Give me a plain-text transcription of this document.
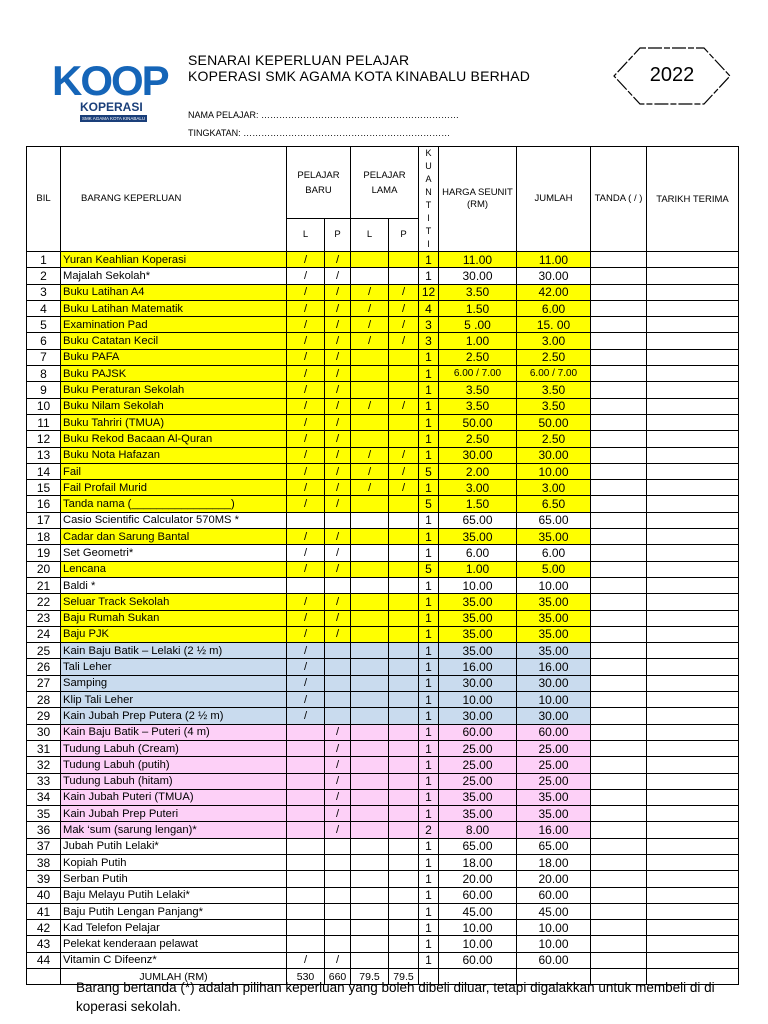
KOOP
KOPERASI
SMK AGAMA KOTA KINABALU
SENARAI KEPERLUAN PELAJAR
KOPERASI SMK AGAMA KOTA KINABALU BERHAD
NAMA PELAJAR: …………………………………………………………
TINGKATAN: ……………………………………………………………
2022
BIL	BARANG KEPERLUAN	PELAJAR BARU		PELAJAR LAMA		K U A N T I T I	HARGA SEUNIT (RM)	JUMLAH	TANDA ( / )	TARIKH TERIMA
		L	P	L	P					
1	Yuran Keahlian Koperasi	/	/			1	11.00	11.00		
2	Majalah Sekolah*	/	/			1	30.00	30.00		
3	Buku Latihan A4	/	/	/	/	12	3.50	42.00		
4	Buku Latihan Matematik	/	/	/	/	4	1.50	6.00		
5	Examination Pad	/	/	/	/	3	5 .00	15. 00		
6	Buku Catatan Kecil	/	/	/	/	3	1.00	3.00		
7	Buku PAFA	/	/			1	2.50	2.50		
8	Buku PAJSK	/	/			1	6.00 / 7.00	6.00 / 7.00		
9	Buku Peraturan Sekolah	/	/			1	3.50	3.50		
10	Buku Nilam Sekolah	/	/	/	/	1	3.50	3.50		
11	Buku Tahriri (TMUA)	/	/			1	50.00	50.00		
12	Buku Rekod Bacaan Al-Quran	/	/			1	2.50	2.50		
13	Buku Nota Hafazan	/	/	/	/	1	30.00	30.00		
14	Fail	/	/	/	/	5	2.00	10.00		
15	Fail Profail Murid	/	/	/	/	1	3.00	3.00		
16	Tanda nama (________________)	/	/			5	1.50	6.50		
17	Casio Scientific Calculator 570MS *					1	65.00	65.00		
18	Cadar dan Sarung Bantal	/	/			1	35.00	35.00		
19	Set Geometri*	/	/			1	6.00	6.00		
20	Lencana	/	/			5	1.00	5.00		
21	Baldi *					1	10.00	10.00		
22	Seluar Track Sekolah	/	/			1	35.00	35.00		
23	Baju Rumah Sukan	/	/			1	35.00	35.00		
24	Baju PJK	/	/			1	35.00	35.00		
25	Kain Baju Batik – Lelaki (2 ½ m)	/				1	35.00	35.00		
26	Tali Leher	/				1	16.00	16.00		
27	Samping	/				1	30.00	30.00		
28	Klip Tali Leher	/				1	10.00	10.00		
29	Kain Jubah Prep Putera (2 ½ m)	/				1	30.00	30.00		
30	Kain Baju Batik – Puteri (4 m)		/			1	60.00	60.00		
31	Tudung Labuh (Cream)		/			1	25.00	25.00		
32	Tudung Labuh (putih)		/			1	25.00	25.00		
33	Tudung Labuh (hitam)		/			1	25.00	25.00		
34	Kain Jubah Puteri (TMUA)		/			1	35.00	35.00		
35	Kain Jubah Prep Puteri		/			1	35.00	35.00		
36	Mak ‘sum (sarung lengan)*		/			2	8.00	16.00		
37	Jubah Putih Lelaki*					1	65.00	65.00		
38	Kopiah Putih					1	18.00	18.00		
39	Serban Putih					1	20.00	20.00		
40	Baju Melayu Putih Lelaki*					1	60.00	60.00		
41	Baju Putih Lengan Panjang*					1	45.00	45.00		
42	Kad Telefon Pelajar					1	10.00	10.00		
43	Pelekat kenderaan pelawat					1	10.00	10.00		
44	Vitamin C Difeenz*	/	/			1	60.00	60.00		
	JUMLAH (RM)	530	660	79.5	79.5					
Barang bertanda (*) adalah pilihan keperluan yang boleh dibeli diluar, tetapi digalakkan untuk membeli di di koperasi sekolah.
